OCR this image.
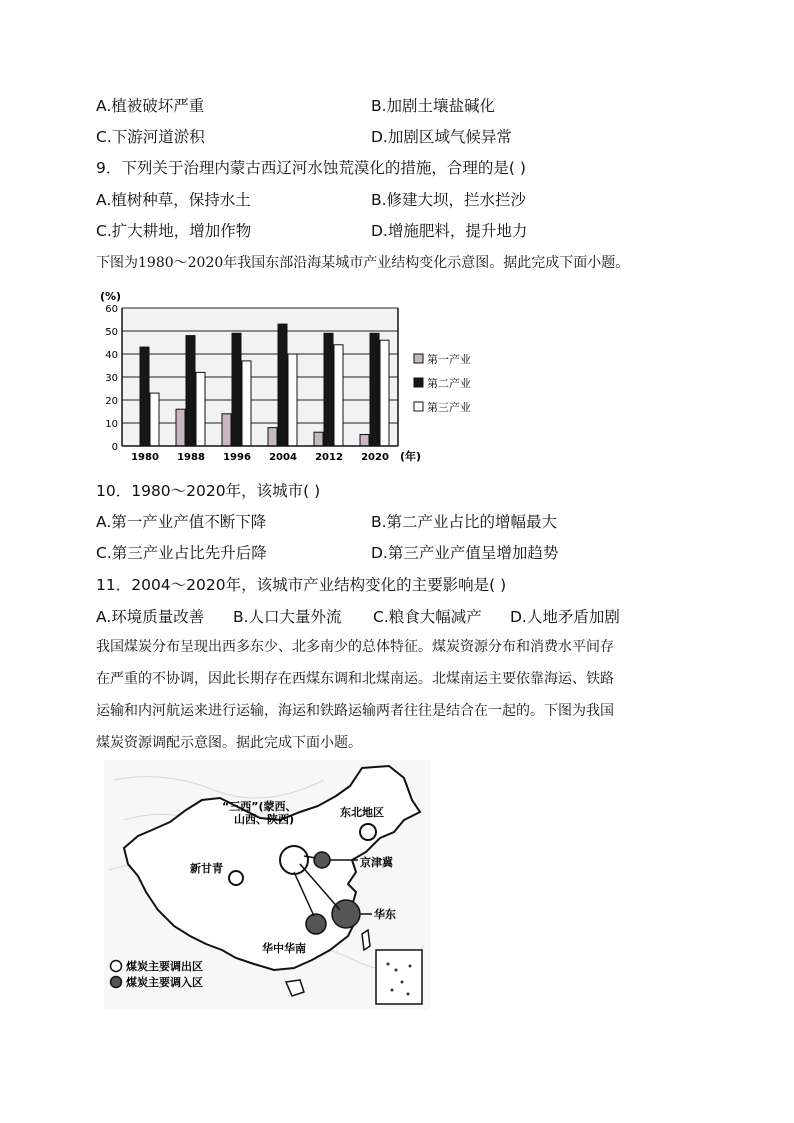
A.植被破坏严重	B.加剧土壤盐碱化
C.下游河道淤积	D.加剧区域气候异常
9．下列关于治理内蒙古西辽河水蚀荒漠化的措施，合理的是( )
A.植树种草，保持水土	B.修建大坝，拦水拦沙
C.扩大耕地，增加作物	D.增施肥料，提升地力
下图为1980～2020年我国东部沿海某城市产业结构变化示意图。据此完成下面小题。
0
10
20
30
40
50
60
1980 1988 1996 2004 2012 2020
(%)
(年)
第一产业
第二产业
第三产业
10．1980～2020年，该城市( )
A.第一产业产值不断下降	B.第二产业占比的增幅最大
C.第三产业占比先升后降	D.第三产业产值呈增加趋势
11．2004～2020年，该城市产业结构变化的主要影响是( )
A.环境质量改善 B.人口大量外流 C.粮食大幅减产 D.人地矛盾加剧
我国煤炭分布呈现出西多东少、北多南少的总体特征。煤炭资源分布和消费水平间存
在严重的不协调，因此长期存在西煤东调和北煤南运。北煤南运主要依靠海运、铁路
运输和内河航运来进行运输，海运和铁路运输两者往往是结合在一起的。下图为我国
煤炭资源调配示意图。据此完成下面小题。
“三西”(蒙西、
山西、陕西)
东北地区
新甘青	京津冀
华东
华中华南
煤炭主要调出区
煤炭主要调入区
